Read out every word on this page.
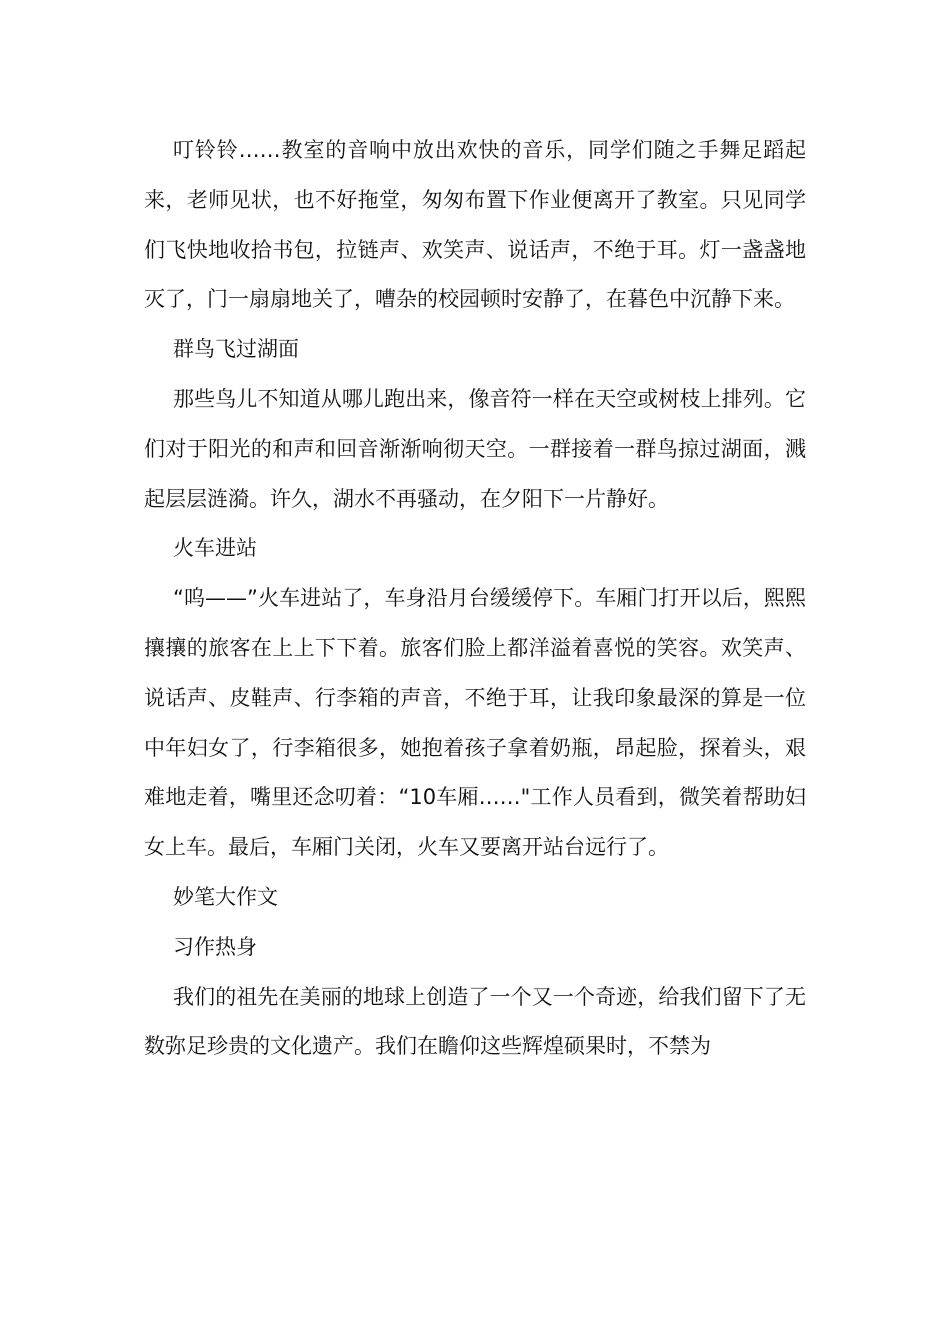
叮铃铃……教室的音响中放出欢快的音乐，同学们随之手舞足蹈起来，老师见状，也不好拖堂，匆匆布置下作业便离开了教室。只见同学们飞快地收拾书包，拉链声、欢笑声、说话声，不绝于耳。灯一盏盏地灭了，门一扇扇地关了，嘈杂的校园顿时安静了，在暮色中沉静下来。

群鸟飞过湖面

那些鸟儿不知道从哪儿跑出来，像音符一样在天空或树枝上排列。它们对于阳光的和声和回音渐渐响彻天空。一群接着一群鸟掠过湖面，溅起层层涟漪。许久，湖水不再骚动，在夕阳下一片静好。

火车进站

“呜——”火车进站了，车身沿月台缓缓停下。车厢门打开以后，熙熙攘攘的旅客在上上下下着。旅客们脸上都洋溢着喜悦的笑容。欢笑声、说话声、皮鞋声、行李箱的声音，不绝于耳，让我印象最深的算是一位中年妇女了，行李箱很多，她抱着孩子拿着奶瓶，昂起脸，探着头，艰难地走着，嘴里还念叨着：“10车厢……"工作人员看到，微笑着帮助妇女上车。最后，车厢门关闭，火车又要离开站台远行了。

妙笔大作文

习作热身

我们的祖先在美丽的地球上创造了一个又一个奇迹，给我们留下了无数弥足珍贵的文化遗产。我们在瞻仰这些辉煌硕果时，不禁为
